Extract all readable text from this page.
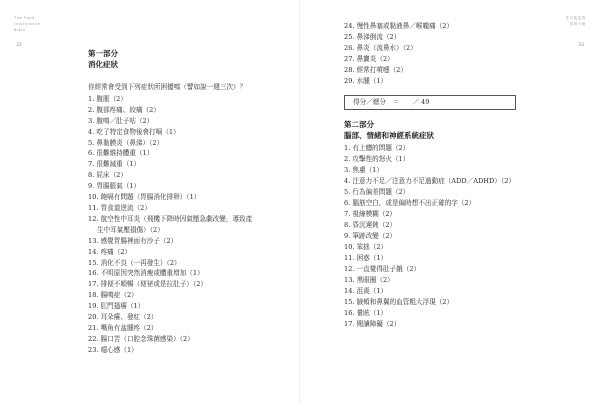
The Food
Intolerance
Bible
32
第一部分
消化症狀
你經常會受到下列症狀所困擾嗎（譬如說一週三次）？
1. 腹脹（2）
2. 腹部疼痛、絞痛（2）
3. 腹鳴／肚子咕（2）
4. 吃了特定食物後會打嗝（1）
5. 鼻黏膜炎（鼻涕）（2）
6. 很難維持體重（1）
7. 很難減重（1）
8. 屁床（2）
9. 胃腸脹氣（1）
10. 飽嗝有問題（胃腸消化排卵）（1）
11. 胃食道逆流（2）
12. 航空性中耳炎（飛機下降時因氣壓急劇改變，導致產
生中耳氣壓損傷）（2）
13. 感覺胃腸裡面有沙子（2）
14. 疼痛（2）
15. 消化不良（一再發生）（2）
16. 不明原因突然消瘦或體重增加（1）
17. 排便不順暢（便祕或是拉肚子）（2）
18. 腸鳴症（2）
19. 肛門搔癢（1）
20. 耳朵癢、發紅（2）
21. 嘴角有盆腫疼（2）
22. 腸口苦（口腔念珠菌感染）（2）
23. 噁心感（1）
你可能是對
食物不耐
33
24. 慢性鼻塞或黏液鼻／喉嚨痛（2）
25. 鼻涕倒流（2）
26. 鼻炎（流鼻水）（2）
27. 鼻竇炎（2）
28. 經常打噴嚏（2）
29. 水腫（1）
得分／總分　＝　　／ 49
第二部分
腦部、情緒和神經系統症狀
1. 有上癮的問題（2）
2. 攻擊性的怒火（1）
3. 焦慮（1）
4. 注意力不足／注意力不足過動症（ADD／ADHD）（2）
5. 行為偏差問題（2）
6. 腦筋空白，或是偏時想不出正確的字（2）
7. 視線模糊（2）
8. 昏沉遲鈍（2）
9. 筆跡改變（2）
10. 笨拙（2）
11. 困惑（1）
12. 一直覺得肚子餓（2）
13. 黑眼圈（2）
14. 沮喪（1）
15. 臉頰和鼻翼的血管粗大浮現（2）
16. 暈眩（1）
17. 閱讀障礙（2）
